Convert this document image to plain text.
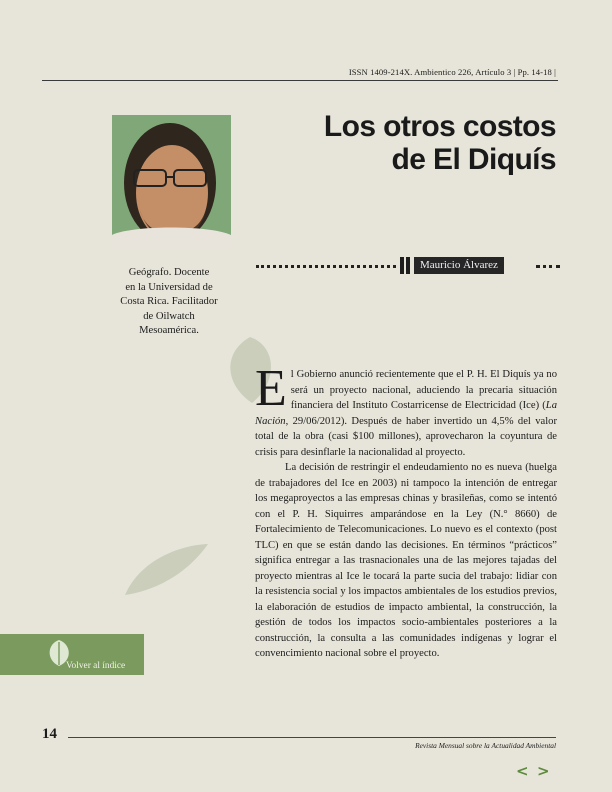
ISSN 1409-214X. Ambientico 226, Artículo 3 | Pp. 14-18 |
Los otros costos
de El Diquís
Mauricio Álvarez
Geógrafo. Docente
en la Universidad de
Costa Rica. Facilitador
de Oilwatch
Mesoamérica.

El Gobierno anunció recientemente que el P. H. El Diquís ya no será un proyecto nacional, aduciendo la precaria situación financiera del Instituto Costarricense de Electricidad (Ice) (La Nación, 29/06/2012). Después de haber invertido un 4,5% del valor total de la obra (casi $100 millones), aprovecharon la coyuntura de crisis para desinflarle la nacionalidad al proyecto.

La decisión de restringir el endeudamiento no es nueva (huelga de trabajadores del Ice en 2003) ni tampoco la intención de entregar los megaproyectos a las empresas chinas y brasileñas, como se intentó con el P. H. Siquirres amparándose en la Ley (N.° 8660) de Fortalecimiento de Telecomunicaciones. Lo nuevo es el contexto (post TLC) en que se están dando las decisiones. En términos “prácticos” significa entregar a las trasnacionales una de las mejores tajadas del proyecto mientras al Ice le tocará la parte sucia del trabajo: lidiar con la resistencia social y los impactos ambientales de los estudios previos, la elaboración de estudios de impacto ambiental, la construcción, la gestión de todos los impactos socio-ambientales posteriores a la construcción, la consulta a las comunidades indígenas y lograr el convencimiento nacional sobre el proyecto.

Volver al índice
14
Revista Mensual sobre la Actualidad Ambiental
< >
